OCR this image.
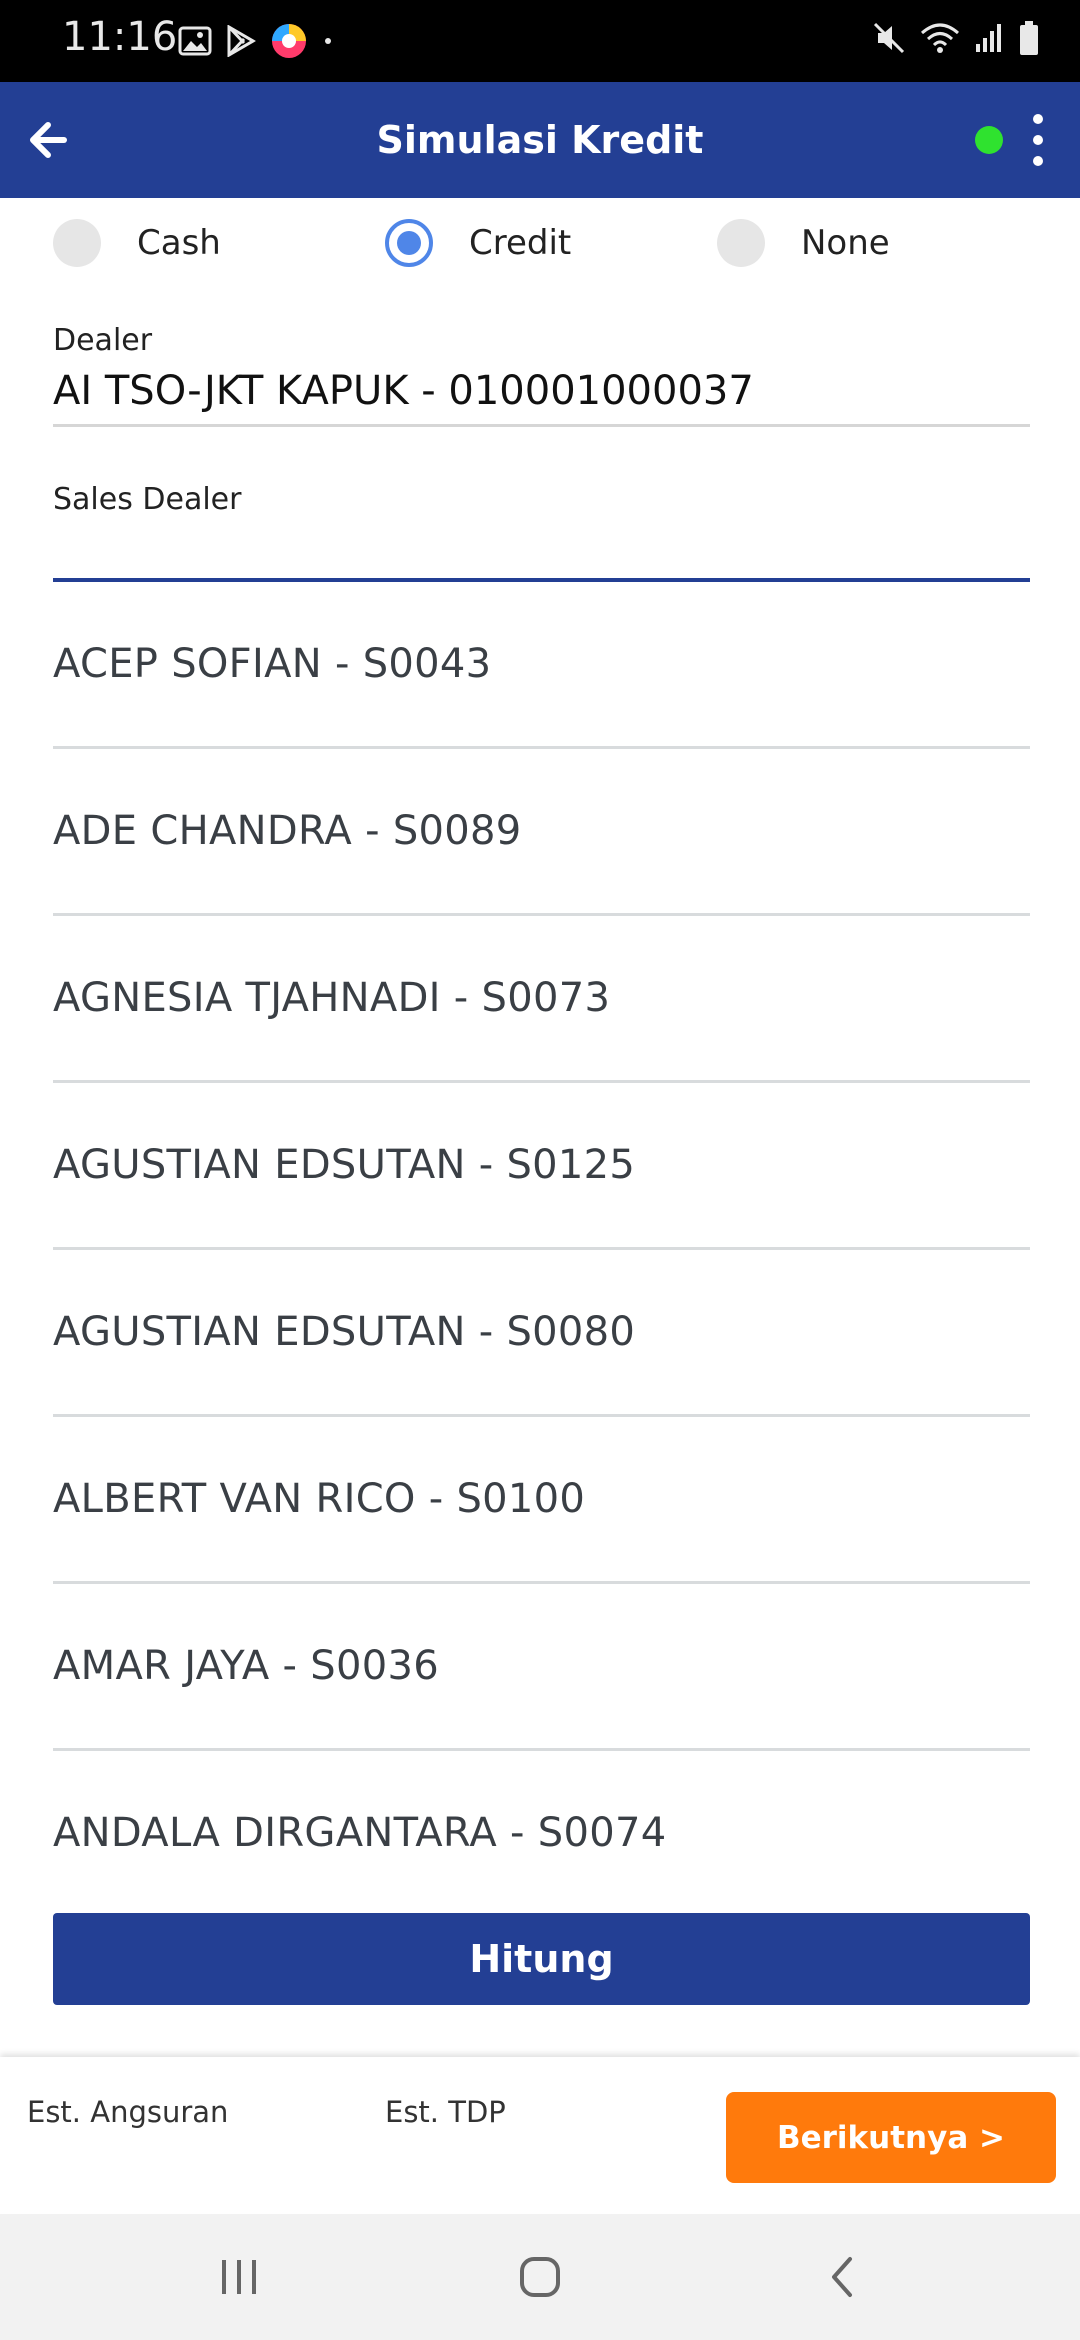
11:16
Simulasi Kredit
Cash	Credit	None
Dealer
AI TSO-JKT KAPUK - 010001000037
Sales Dealer
ACEP SOFIAN - S0043
ADE CHANDRA - S0089
AGNESIA TJAHNADI - S0073
AGUSTIAN EDSUTAN - S0125
AGUSTIAN EDSUTAN - S0080
ALBERT VAN RICO - S0100
AMAR JAYA - S0036
ANDALA DIRGANTARA - S0074
Hitung
Est. Angsuran	Est. TDP
Berikutnya >
